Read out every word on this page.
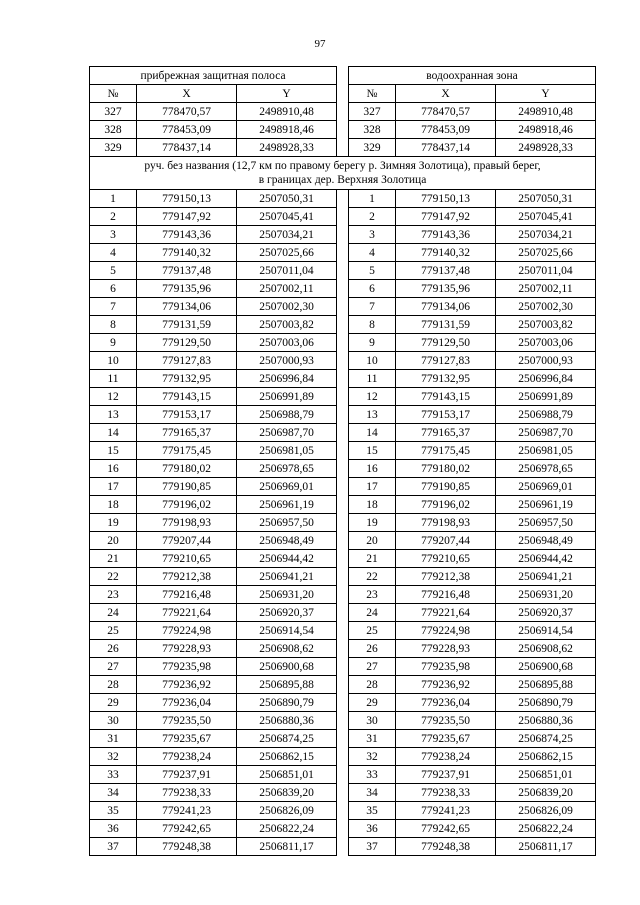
97
прибрежная защитная полоса				водоохранная зона		
№	X	Y		№	X	Y
327	778470,57	2498910,48		327	778470,57	2498910,48
328	778453,09	2498918,46		328	778453,09	2498918,46
329	778437,14	2498928,33		329	778437,14	2498928,33

руч. без названия (12,7 км по правому берегу р. Зимняя Золотица), правый берег,
в границах дер. Верхняя Золотица						

1	779150,13	2507050,31		1	779150,13	2507050,31
2	779147,92	2507045,41		2	779147,92	2507045,41
3	779143,36	2507034,21		3	779143,36	2507034,21
4	779140,32	2507025,66		4	779140,32	2507025,66
5	779137,48	2507011,04		5	779137,48	2507011,04
6	779135,96	2507002,11		6	779135,96	2507002,11
7	779134,06	2507002,30		7	779134,06	2507002,30
8	779131,59	2507003,82		8	779131,59	2507003,82
9	779129,50	2507003,06		9	779129,50	2507003,06
10	779127,83	2507000,93		10	779127,83	2507000,93
11	779132,95	2506996,84		11	779132,95	2506996,84
12	779143,15	2506991,89		12	779143,15	2506991,89
13	779153,17	2506988,79		13	779153,17	2506988,79
14	779165,37	2506987,70		14	779165,37	2506987,70
15	779175,45	2506981,05		15	779175,45	2506981,05
16	779180,02	2506978,65		16	779180,02	2506978,65
17	779190,85	2506969,01		17	779190,85	2506969,01
18	779196,02	2506961,19		18	779196,02	2506961,19
19	779198,93	2506957,50		19	779198,93	2506957,50
20	779207,44	2506948,49		20	779207,44	2506948,49
21	779210,65	2506944,42		21	779210,65	2506944,42
22	779212,38	2506941,21		22	779212,38	2506941,21
23	779216,48	2506931,20		23	779216,48	2506931,20
24	779221,64	2506920,37		24	779221,64	2506920,37
25	779224,98	2506914,54		25	779224,98	2506914,54
26	779228,93	2506908,62		26	779228,93	2506908,62
27	779235,98	2506900,68		27	779235,98	2506900,68
28	779236,92	2506895,88		28	779236,92	2506895,88
29	779236,04	2506890,79		29	779236,04	2506890,79
30	779235,50	2506880,36		30	779235,50	2506880,36
31	779235,67	2506874,25		31	779235,67	2506874,25
32	779238,24	2506862,15		32	779238,24	2506862,15
33	779237,91	2506851,01		33	779237,91	2506851,01
34	779238,33	2506839,20		34	779238,33	2506839,20
35	779241,23	2506826,09		35	779241,23	2506826,09
36	779242,65	2506822,24		36	779242,65	2506822,24
37	779248,38	2506811,17		37	779248,38	2506811,17
